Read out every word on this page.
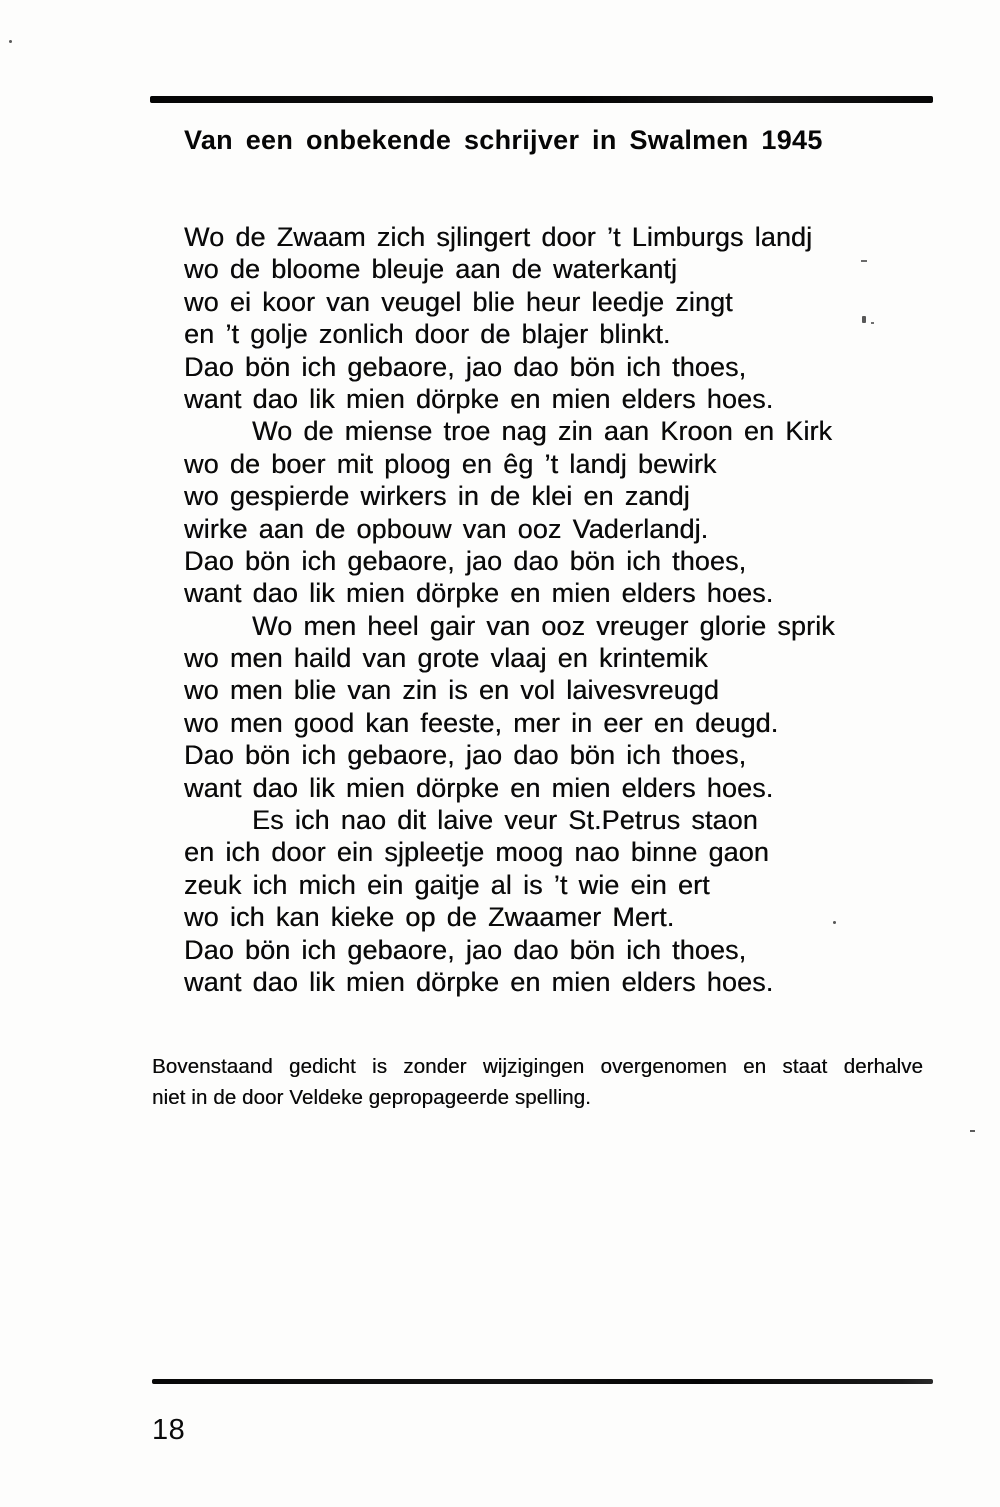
Van een onbekende schrijver in Swalmen 1945
Wo de Zwaam zich sjlingert door ’t Limburgs landj
wo de bloome bleuje aan de waterkantj
wo ei koor van veugel blie heur leedje zingt
en ’t golje zonlich door de blajer blinkt.
Dao bön ich gebaore, jao dao bön ich thoes,
want dao lik mien dörpke en mien elders hoes.
Wo de miense troe nag zin aan Kroon en Kirk
wo de boer mit ploog en êg ’t landj bewirk
wo gespierde wirkers in de klei en zandj
wirke aan de opbouw van ooz Vaderlandj.
Dao bön ich gebaore, jao dao bön ich thoes,
want dao lik mien dörpke en mien elders hoes.
Wo men heel gair van ooz vreuger glorie sprik
wo men haild van grote vlaaj en krintemik
wo men blie van zin is en vol laivesvreugd
wo men good kan feeste, mer in eer en deugd.
Dao bön ich gebaore, jao dao bön ich thoes,
want dao lik mien dörpke en mien elders hoes.
Es ich nao dit laive veur St.Petrus staon
en ich door ein sjpleetje moog nao binne gaon
zeuk ich mich ein gaitje al is ’t wie ein ert
wo ich kan kieke op de Zwaamer Mert.
Dao bön ich gebaore, jao dao bön ich thoes,
want dao lik mien dörpke en mien elders hoes.

Bovenstaand gedicht is zonder wijzigingen overgenomen en staat derhalve
niet in de door Veldeke gepropageerde spelling.

18
